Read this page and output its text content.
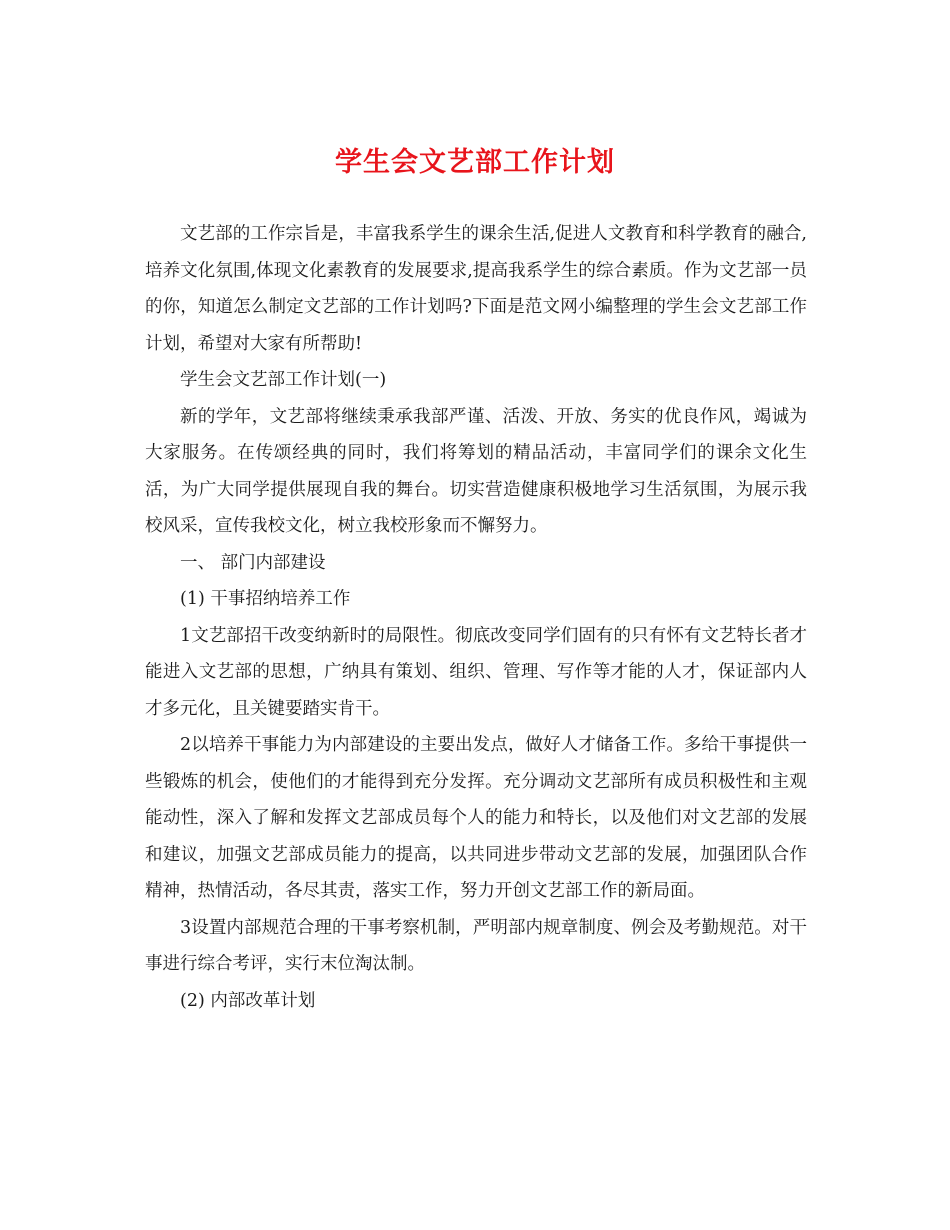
学生会文艺部工作计划

文艺部的工作宗旨是，丰富我系学生的课余生活,促进人文教育和科学教育的融合,培养文化氛围,体现文化素教育的发展要求,提高我系学生的综合素质。作为文艺部一员的你，知道怎么制定文艺部的工作计划吗?下面是范文网小编整理的学生会文艺部工作计划，希望对大家有所帮助!

学生会文艺部工作计划(一)

新的学年，文艺部将继续秉承我部严谨、活泼、开放、务实的优良作风，竭诚为大家服务。在传颂经典的同时，我们将筹划的精品活动，丰富同学们的课余文化生活，为广大同学提供展现自我的舞台。切实营造健康积极地学习生活氛围，为展示我校风采，宣传我校文化，树立我校形象而不懈努力。

一、 部门内部建设

(1) 干事招纳培养工作

1文艺部招干改变纳新时的局限性。彻底改变同学们固有的只有怀有文艺特长者才能进入文艺部的思想，广纳具有策划、组织、管理、写作等才能的人才，保证部内人才多元化，且关键要踏实肯干。

2以培养干事能力为内部建设的主要出发点，做好人才储备工作。多给干事提供一些锻炼的机会，使他们的才能得到充分发挥。充分调动文艺部所有成员积极性和主观能动性，深入了解和发挥文艺部成员每个人的能力和特长，以及他们对文艺部的发展和建议，加强文艺部成员能力的提高，以共同进步带动文艺部的发展，加强团队合作精神，热情活动，各尽其责，落实工作，努力开创文艺部工作的新局面。

3设置内部规范合理的干事考察机制，严明部内规章制度、例会及考勤规范。对干事进行综合考评，实行末位淘汰制。

(2) 内部改革计划
